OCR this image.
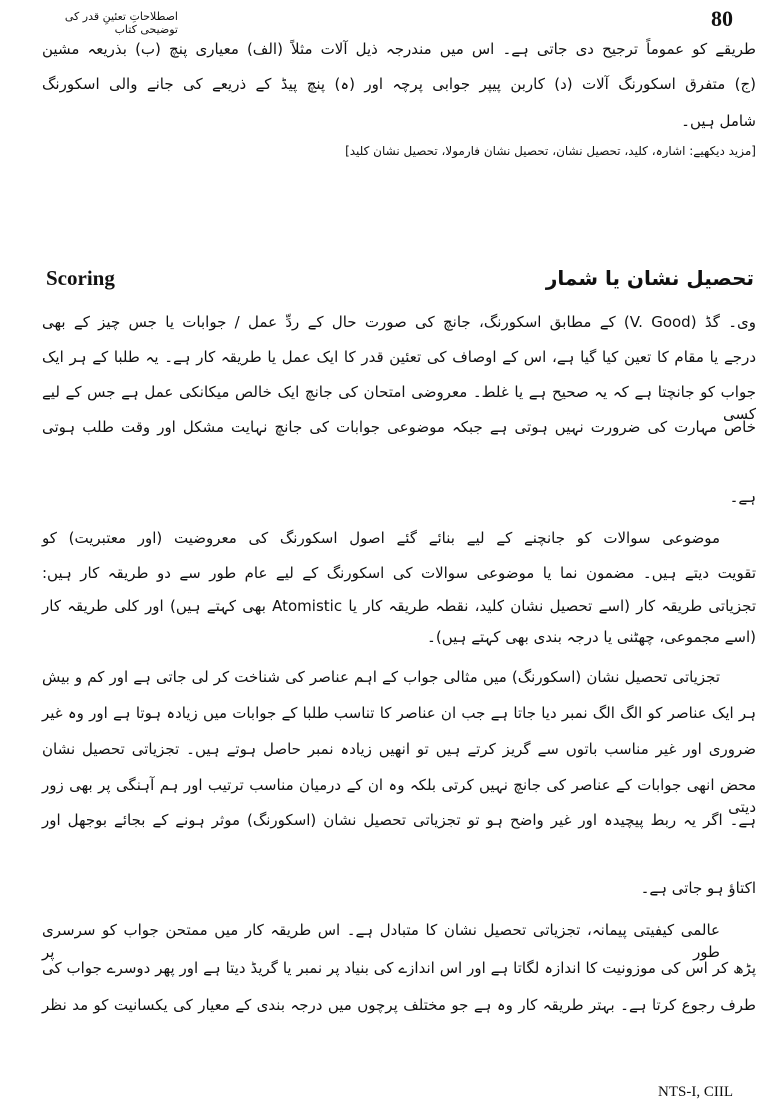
80
اصطلاحاتِ تعئینِ قدر کی توضیحی کتاب
طریقے کو عموماً ترجیح دی جاتی ہے۔ اس میں مندرجہ ذیل آلات مثلاً (الف) معیاری پنچ (ب) بذریعہ مشین
(ج) متفرق اسکورنگ آلات (د) کاربن پیپر جوابی پرچہ اور (ہ) پنچ پیڈ کے ذریعے کی جانے والی اسکورنگ
شامل ہیں۔
[مزید دیکھیے: اشارہ، کلید، تحصیل نشان، تحصیل نشان فارمولا، تحصیل نشان کلید]
تحصیل نشان یا شمار
Scoring
وی۔ گڈ (V. Good) کے مطابق اسکورنگ، جانچ کی صورت حال کے ردِّ عمل / جوابات یا جس چیز کے بھی
درجے یا مقام کا تعین کیا گیا ہے، اس کے اوصاف کی تعئین قدر کا ایک عمل یا طریقہ کار ہے۔ یہ طلبا کے ہر ایک
جواب کو جانچتا ہے کہ یہ صحیح ہے یا غلط۔ معروضی امتحان کی جانچ ایک خالص میکانکی عمل ہے جس کے لیے کسی
خاص مہارت کی ضرورت نہیں ہوتی ہے جبکہ موضوعی جوابات کی جانچ نہایت مشکل اور وقت طلب ہوتی
ہے۔
موضوعی سوالات کو جانچنے کے لیے بنائے گئے اصول اسکورنگ کی معروضیت (اور معتبریت) کو
تقویت دیتے ہیں۔ مضمون نما یا موضوعی سوالات کی اسکورنگ کے لیے عام طور سے دو طریقہ کار ہیں:
تجزیاتی طریقہ کار (اسے تحصیل نشان کلید، نقطہ طریقہ کار یا Atomistic بھی کہتے ہیں) اور کلی طریقہ کار
(اسے مجموعی، چھٹنی یا درجہ بندی بھی کہتے ہیں)۔
تجزیاتی تحصیل نشان (اسکورنگ) میں مثالی جواب کے اہم عناصر کی شناخت کر لی جاتی ہے اور کم و بیش
ہر ایک عناصر کو الگ الگ نمبر دیا جاتا ہے جب ان عناصر کا تناسب طلبا کے جوابات میں زیادہ ہوتا ہے اور وہ غیر
ضروری اور غیر مناسب باتوں سے گریز کرتے ہیں تو انھیں زیادہ نمبر حاصل ہوتے ہیں۔ تجزیاتی تحصیل نشان
محض انھی جوابات کے عناصر کی جانچ نہیں کرتی بلکہ وہ ان کے درمیان مناسب ترتیب اور ہم آہنگی پر بھی زور دیتی
ہے۔ اگر یہ ربط پیچیدہ اور غیر واضح ہو تو تجزیاتی تحصیل نشان (اسکورنگ) موثر ہونے کے بجائے بوجھل اور
اکتاؤ ہو جاتی ہے۔
عالمی کیفیتی پیمانہ، تجزیاتی تحصیل نشان کا متبادل ہے۔ اس طریقہ کار میں ممتحن جواب کو سرسری طور پر
پڑھ کر اس کی موزونیت کا اندازہ لگاتا ہے اور اس اندازے کی بنیاد پر نمبر یا گریڈ دیتا ہے اور پھر دوسرے جواب کی
طرف رجوع کرتا ہے۔ بہتر طریقہ کار وہ ہے جو مختلف پرچوں میں درجہ بندی کے معیار کی یکسانیت کو مد نظر
NTS-I, CIIL
